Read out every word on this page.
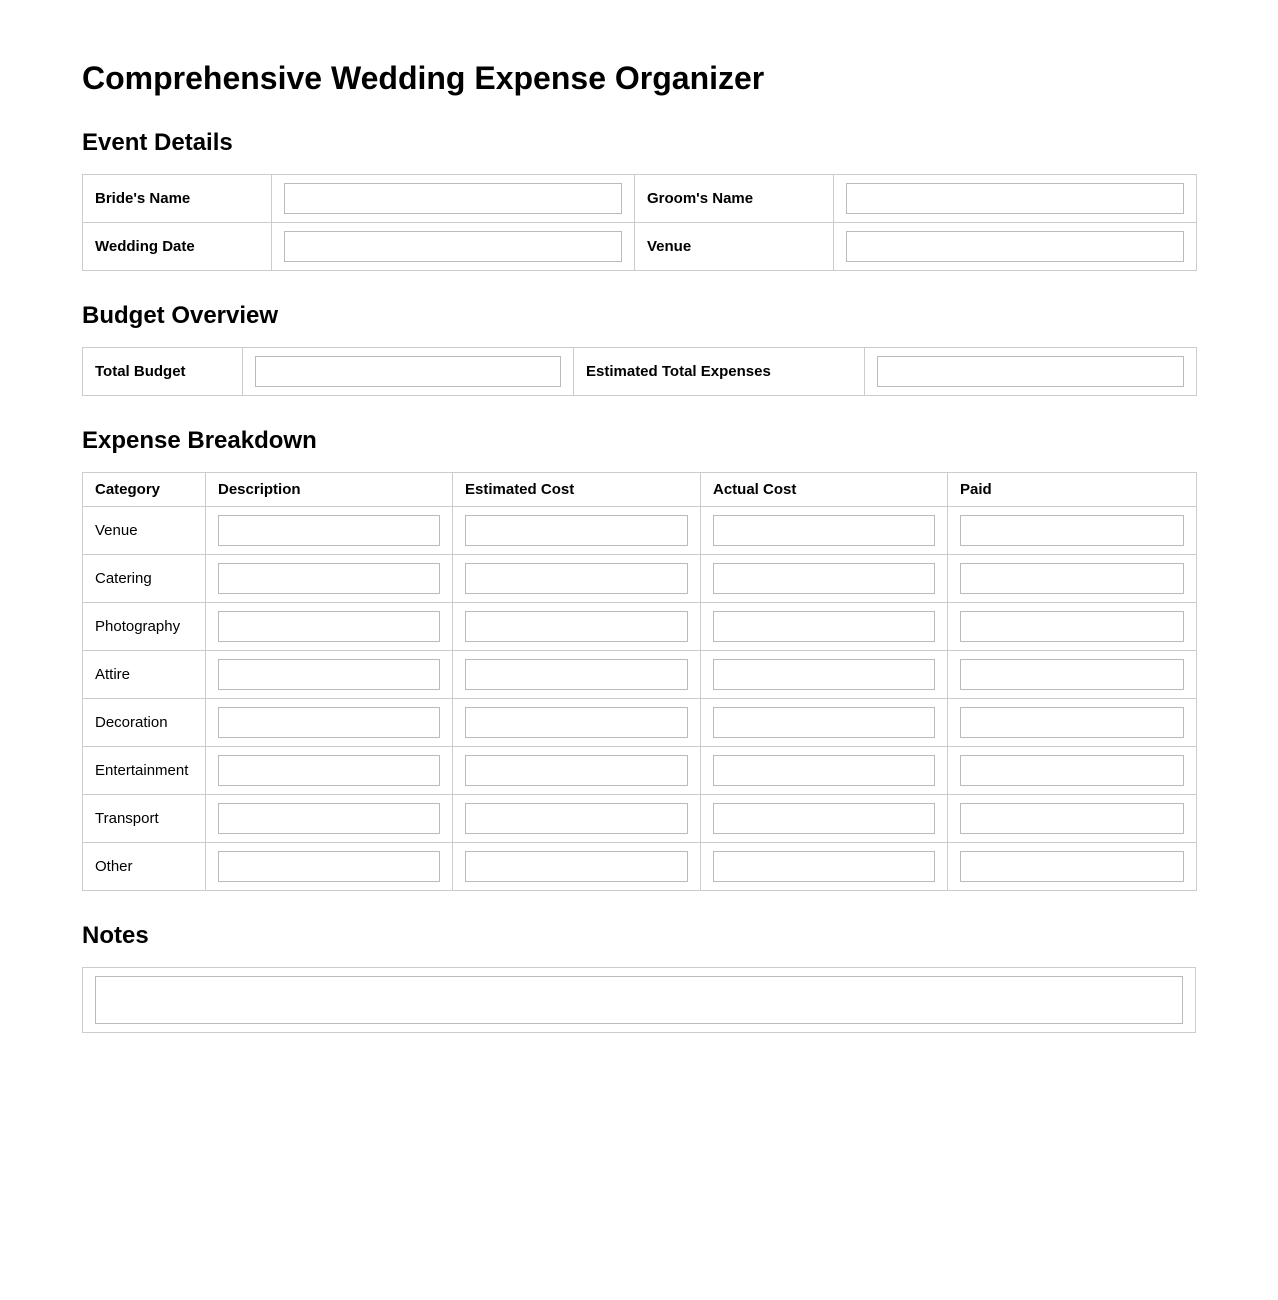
Comprehensive Wedding Expense Organizer
Event Details
Bride's Name		Groom's Name	

Wedding Date		Venue	
Budget Overview
Total Budget		Estimated Total Expenses	
Expense Breakdown
Category	Description	Estimated Cost	Actual Cost	Paid
Venue	

Catering	

Photography	

Attire	

Decoration	

Entertainment	

Transport	

Other	

Notes
